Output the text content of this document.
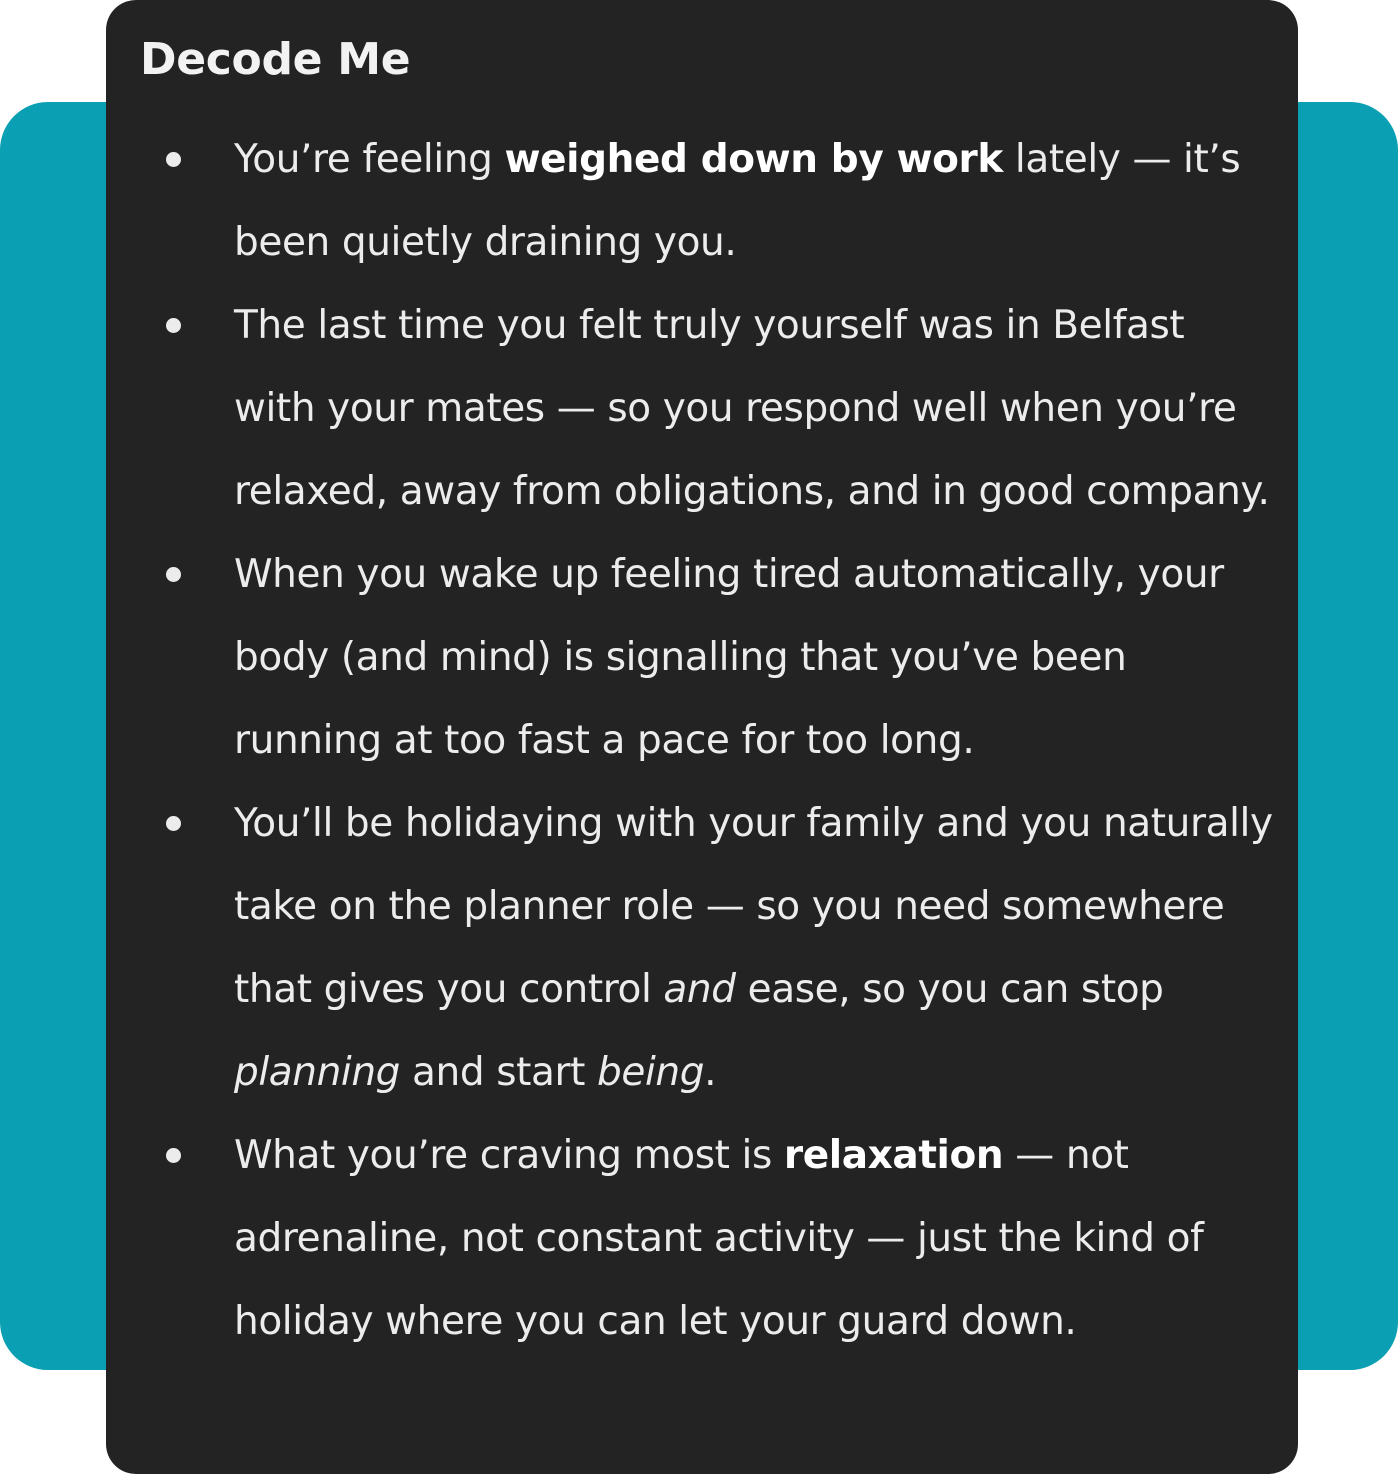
Decode Me
You’re feeling weighed down by work lately — it’s been quietly draining you.
The last time you felt truly yourself was in Belfast with your mates — so you respond well when you’re relaxed, away from obligations, and in good company.
When you wake up feeling tired automatically, your body (and mind) is signalling that you’ve been running at too fast a pace for too long.
You’ll be holidaying with your family and you naturally take on the planner role — so you need somewhere that gives you control and ease, so you can stop planning and start being.
What you’re craving most is relaxation — not adrenaline, not constant activity — just the kind of holiday where you can let your guard down.
